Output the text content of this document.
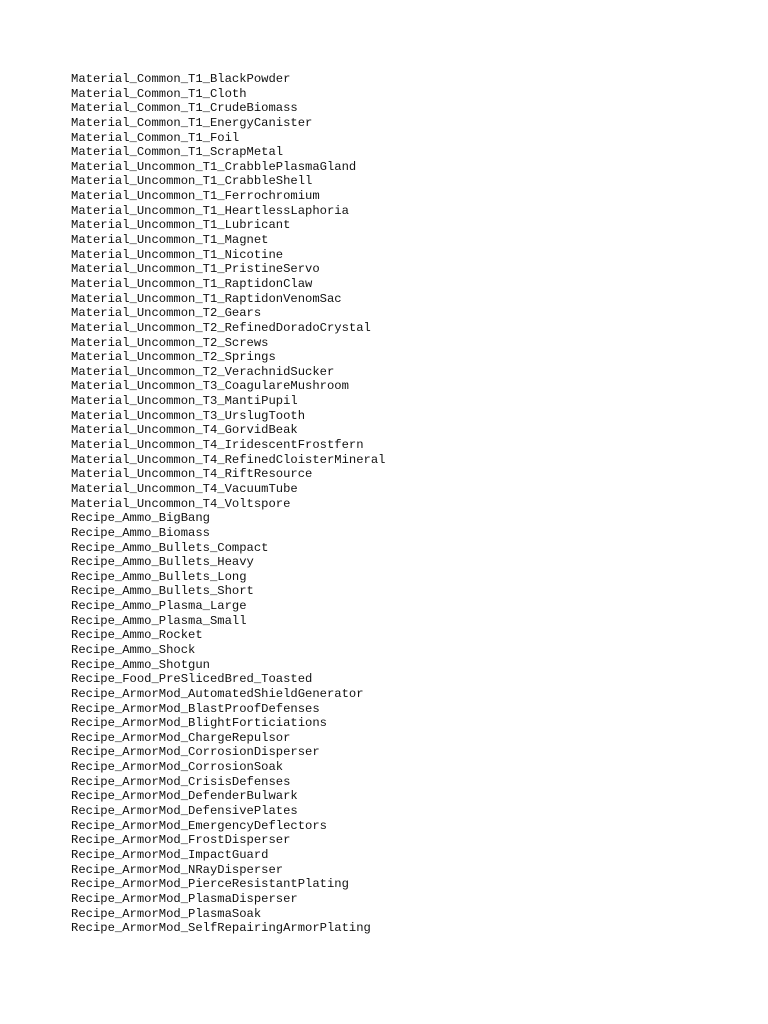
Material_Common_T1_BlackPowder
Material_Common_T1_Cloth
Material_Common_T1_CrudeBiomass
Material_Common_T1_EnergyCanister
Material_Common_T1_Foil
Material_Common_T1_ScrapMetal
Material_Uncommon_T1_CrabblePlasmaGland
Material_Uncommon_T1_CrabbleShell
Material_Uncommon_T1_Ferrochromium
Material_Uncommon_T1_HeartlessLaphoria
Material_Uncommon_T1_Lubricant
Material_Uncommon_T1_Magnet
Material_Uncommon_T1_Nicotine
Material_Uncommon_T1_PristineServo
Material_Uncommon_T1_RaptidonClaw
Material_Uncommon_T1_RaptidonVenomSac
Material_Uncommon_T2_Gears
Material_Uncommon_T2_RefinedDoradoCrystal
Material_Uncommon_T2_Screws
Material_Uncommon_T2_Springs
Material_Uncommon_T2_VerachnidSucker
Material_Uncommon_T3_CoagulareMushroom
Material_Uncommon_T3_MantiPupil
Material_Uncommon_T3_UrslugTooth
Material_Uncommon_T4_GorvidBeak
Material_Uncommon_T4_IridescentFrostfern
Material_Uncommon_T4_RefinedCloisterMineral
Material_Uncommon_T4_RiftResource
Material_Uncommon_T4_VacuumTube
Material_Uncommon_T4_Voltspore
Recipe_Ammo_BigBang
Recipe_Ammo_Biomass
Recipe_Ammo_Bullets_Compact
Recipe_Ammo_Bullets_Heavy
Recipe_Ammo_Bullets_Long
Recipe_Ammo_Bullets_Short
Recipe_Ammo_Plasma_Large
Recipe_Ammo_Plasma_Small
Recipe_Ammo_Rocket
Recipe_Ammo_Shock
Recipe_Ammo_Shotgun
Recipe_Food_PreSlicedBred_Toasted
Recipe_ArmorMod_AutomatedShieldGenerator
Recipe_ArmorMod_BlastProofDefenses
Recipe_ArmorMod_BlightForticiations
Recipe_ArmorMod_ChargeRepulsor
Recipe_ArmorMod_CorrosionDisperser
Recipe_ArmorMod_CorrosionSoak
Recipe_ArmorMod_CrisisDefenses
Recipe_ArmorMod_DefenderBulwark
Recipe_ArmorMod_DefensivePlates
Recipe_ArmorMod_EmergencyDeflectors
Recipe_ArmorMod_FrostDisperser
Recipe_ArmorMod_ImpactGuard
Recipe_ArmorMod_NRayDisperser
Recipe_ArmorMod_PierceResistantPlating
Recipe_ArmorMod_PlasmaDisperser
Recipe_ArmorMod_PlasmaSoak
Recipe_ArmorMod_SelfRepairingArmorPlating
